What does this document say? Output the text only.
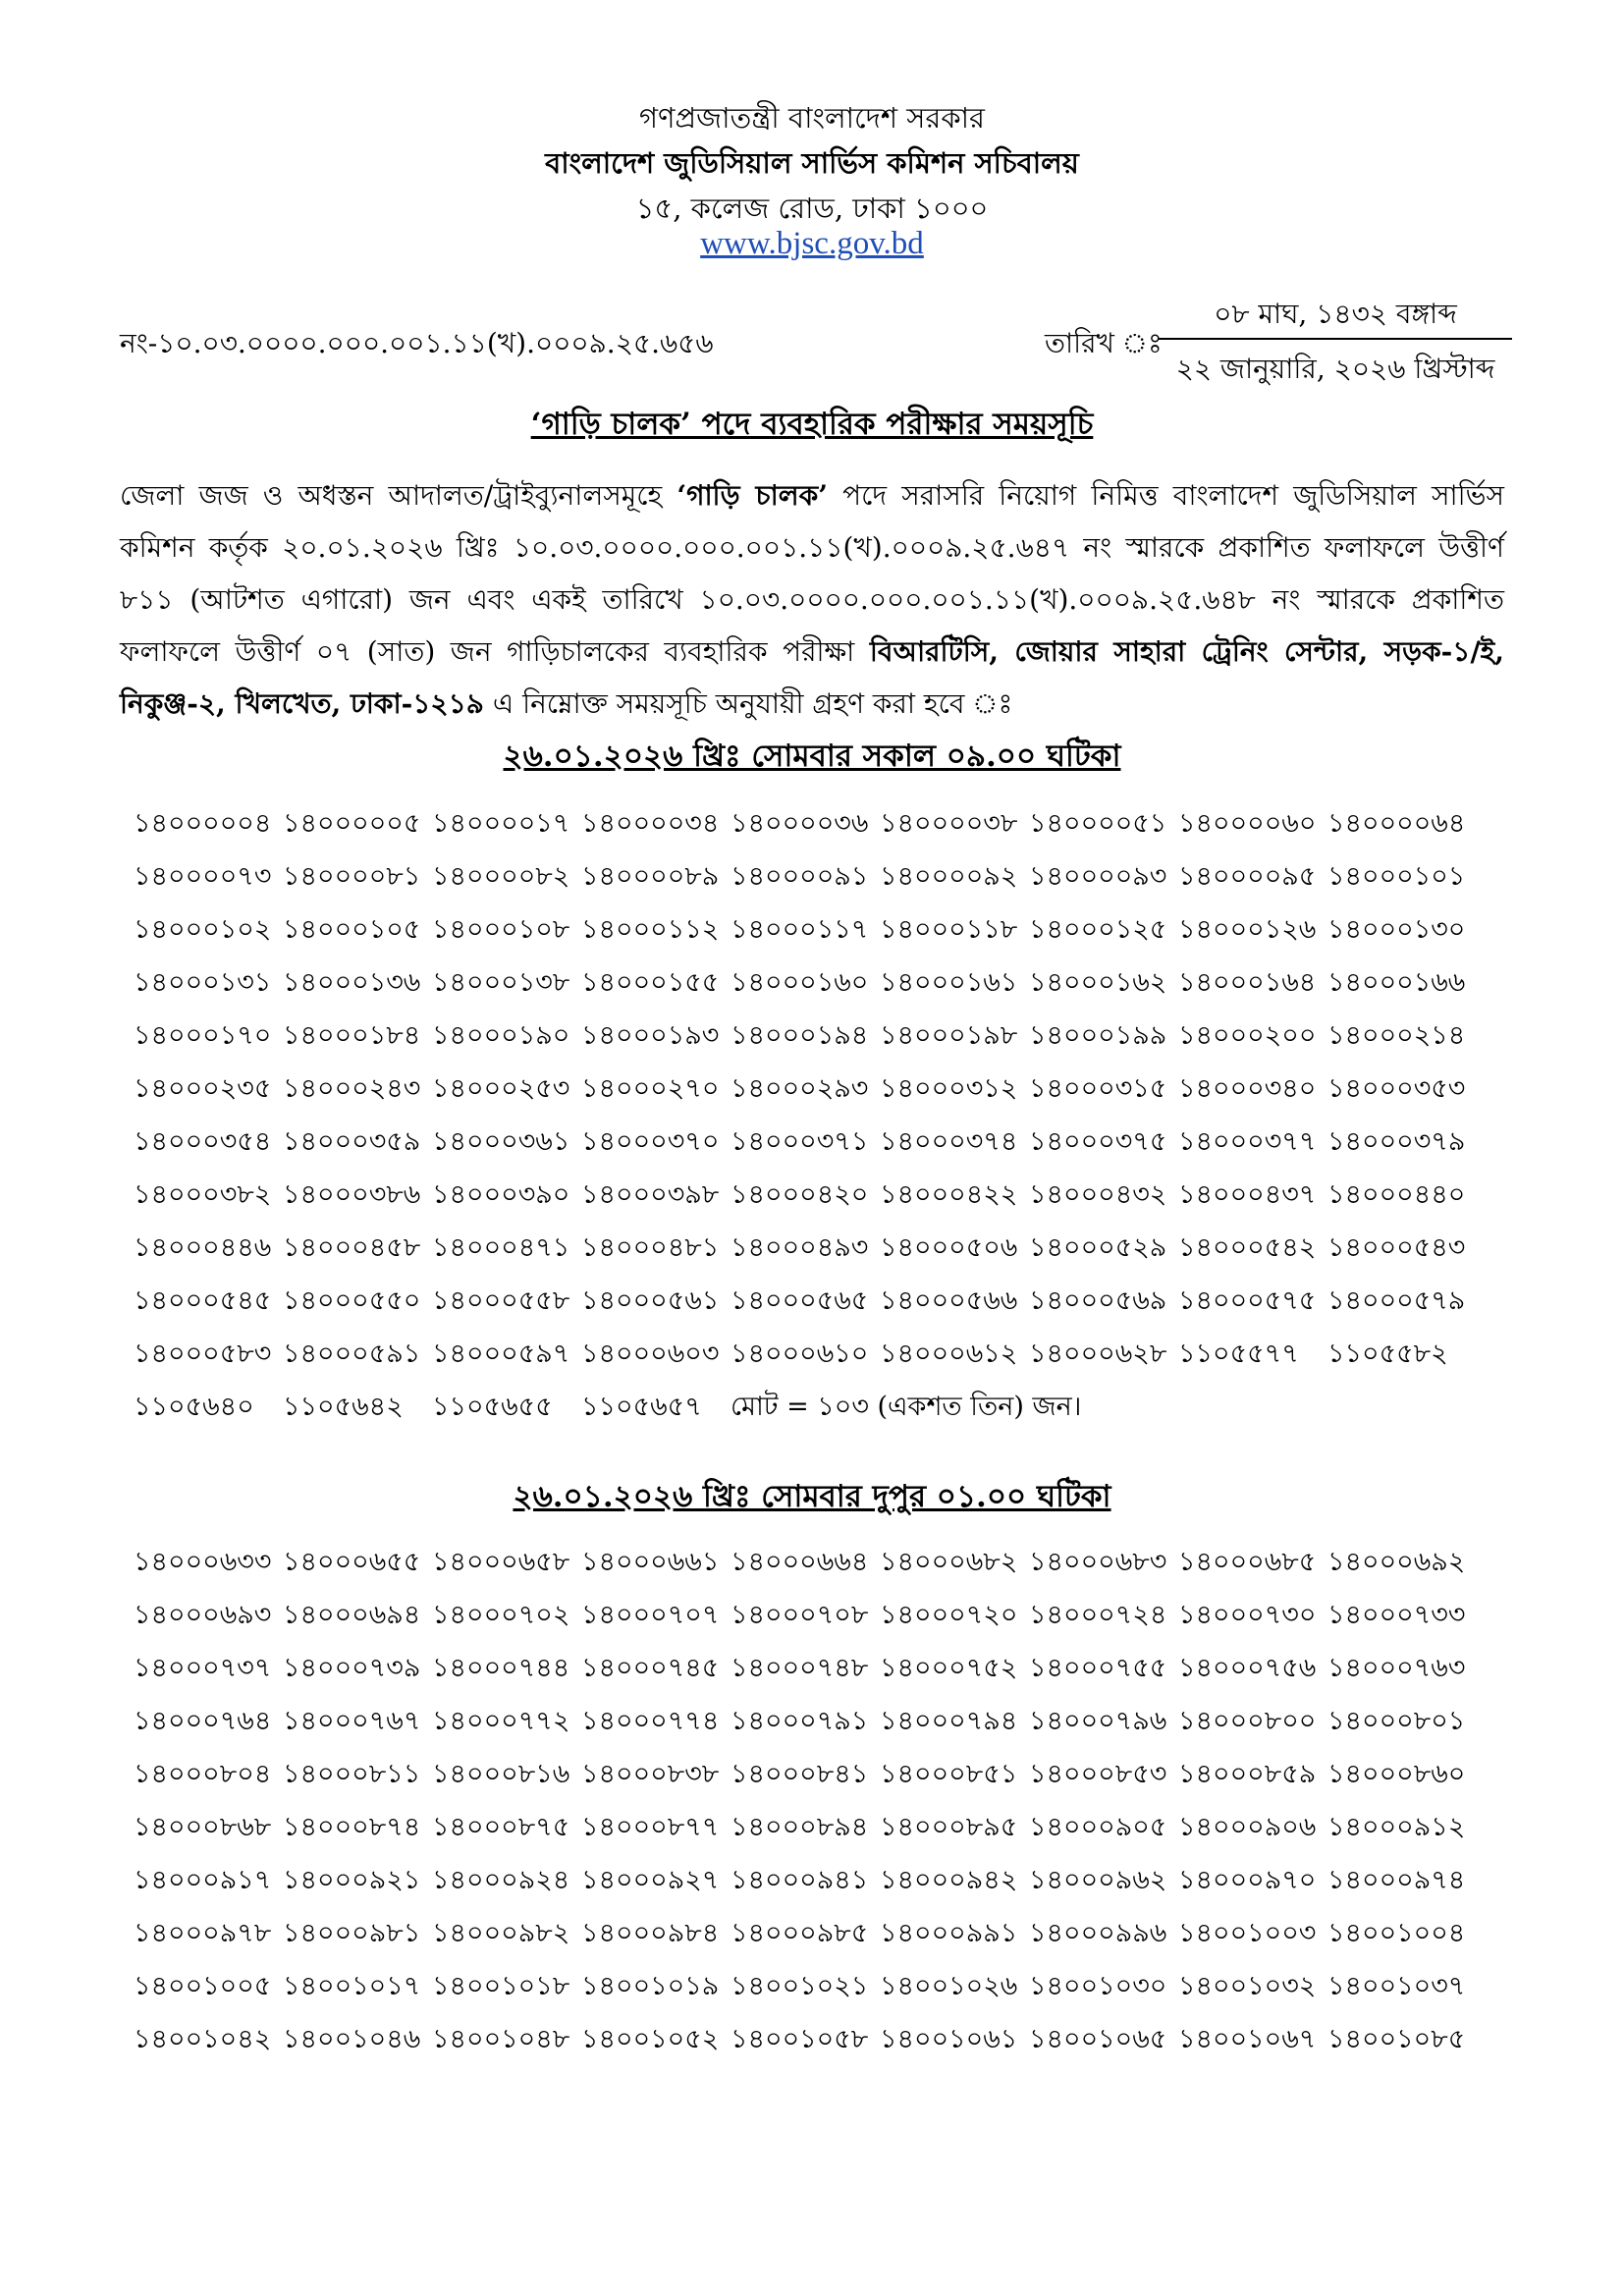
গণপ্রজাতন্ত্রী বাংলাদেশ সরকার
বাংলাদেশ জুডিসিয়াল সার্ভিস কমিশন সচিবালয়
১৫, কলেজ রোড, ঢাকা ১০০০
www.bjsc.gov.bd
নং-১০.০৩.০০০০.০০০.০০১.১১(খ).০০০৯.২৫.৬৫৬	তারিখ ঃ
০৮ মাঘ, ১৪৩২ বঙ্গাব্দ
২২ জানুয়ারি, ২০২৬ খ্রিস্টাব্দ
‘গাড়ি চালক’ পদে ব্যবহারিক পরীক্ষার সময়সূচি
জেলা জজ ও অধস্তন আদালত/ট্রাইব্যুনালসমূহে ‘গাড়ি চালক’ পদে সরাসরি নিয়োগ নিমিত্ত বাংলাদেশ জুডিসিয়াল সার্ভিস কমিশন কর্তৃক ২০.০১.২০২৬ খ্রিঃ ১০.০৩.০০০০.০০০.০০১.১১(খ).০০০৯.২৫.৬৪৭ নং স্মারকে প্রকাশিত ফলাফলে উত্তীর্ণ ৮১১ (আটশত এগারো) জন এবং একই তারিখে ১০.০৩.০০০০.০০০.০০১.১১(খ).০০০৯.২৫.৬৪৮ নং স্মারকে প্রকাশিত ফলাফলে উত্তীর্ণ ০৭ (সাত) জন গাড়িচালকের ব্যবহারিক পরীক্ষা বিআরটিসি, জোয়ার সাহারা ট্রেনিং সেন্টার, সড়ক-১/ই, নিকুঞ্জ-২, খিলখেত, ঢাকা-১২১৯ এ নিম্নোক্ত সময়সূচি অনুযায়ী গ্রহণ করা হবে ঃ
২৬.০১.২০২৬ খ্রিঃ সোমবার সকাল ০৯.০০ ঘটিকা
১৪০০০০০৪ ১৪০০০০০৫ ১৪০০০০১৭ ১৪০০০০৩৪ ১৪০০০০৩৬ ১৪০০০০৩৮ ১৪০০০০৫১ ১৪০০০০৬০ ১৪০০০০৬৪
১৪০০০০৭৩ ১৪০০০০৮১ ১৪০০০০৮২ ১৪০০০০৮৯ ১৪০০০০৯১ ১৪০০০০৯২ ১৪০০০০৯৩ ১৪০০০০৯৫ ১৪০০০১০১
১৪০০০১০২ ১৪০০০১০৫ ১৪০০০১০৮ ১৪০০০১১২ ১৪০০০১১৭ ১৪০০০১১৮ ১৪০০০১২৫ ১৪০০০১২৬ ১৪০০০১৩০
১৪০০০১৩১ ১৪০০০১৩৬ ১৪০০০১৩৮ ১৪০০০১৫৫ ১৪০০০১৬০ ১৪০০০১৬১ ১৪০০০১৬২ ১৪০০০১৬৪ ১৪০০০১৬৬
১৪০০০১৭০ ১৪০০০১৮৪ ১৪০০০১৯০ ১৪০০০১৯৩ ১৪০০০১৯৪ ১৪০০০১৯৮ ১৪০০০১৯৯ ১৪০০০২০০ ১৪০০০২১৪
১৪০০০২৩৫ ১৪০০০২৪৩ ১৪০০০২৫৩ ১৪০০০২৭০ ১৪০০০২৯৩ ১৪০০০৩১২ ১৪০০০৩১৫ ১৪০০০৩৪০ ১৪০০০৩৫৩
১৪০০০৩৫৪ ১৪০০০৩৫৯ ১৪০০০৩৬১ ১৪০০০৩৭০ ১৪০০০৩৭১ ১৪০০০৩৭৪ ১৪০০০৩৭৫ ১৪০০০৩৭৭ ১৪০০০৩৭৯
১৪০০০৩৮২ ১৪০০০৩৮৬ ১৪০০০৩৯০ ১৪০০০৩৯৮ ১৪০০০৪২০ ১৪০০০৪২২ ১৪০০০৪৩২ ১৪০০০৪৩৭ ১৪০০০৪৪০
১৪০০০৪৪৬ ১৪০০০৪৫৮ ১৪০০০৪৭১ ১৪০০০৪৮১ ১৪০০০৪৯৩ ১৪০০০৫০৬ ১৪০০০৫২৯ ১৪০০০৫৪২ ১৪০০০৫৪৩
১৪০০০৫৪৫ ১৪০০০৫৫০ ১৪০০০৫৫৮ ১৪০০০৫৬১ ১৪০০০৫৬৫ ১৪০০০৫৬৬ ১৪০০০৫৬৯ ১৪০০০৫৭৫ ১৪০০০৫৭৯
১৪০০০৫৮৩ ১৪০০০৫৯১ ১৪০০০৫৯৭ ১৪০০০৬০৩ ১৪০০০৬১০ ১৪০০০৬১২ ১৪০০০৬২৮ ১১০৫৫৭৭ ১১০৫৫৮২
১১০৫৬৪০ ১১০৫৬৪২ ১১০৫৬৫৫ ১১০৫৬৫৭ মোট = ১০৩ (একশত তিন) জন।
২৬.০১.২০২৬ খ্রিঃ সোমবার দুপুর ০১.০০ ঘটিকা
১৪০০০৬৩৩ ১৪০০০৬৫৫ ১৪০০০৬৫৮ ১৪০০০৬৬১ ১৪০০০৬৬৪ ১৪০০০৬৮২ ১৪০০০৬৮৩ ১৪০০০৬৮৫ ১৪০০০৬৯২
১৪০০০৬৯৩ ১৪০০০৬৯৪ ১৪০০০৭০২ ১৪০০০৭০৭ ১৪০০০৭০৮ ১৪০০০৭২০ ১৪০০০৭২৪ ১৪০০০৭৩০ ১৪০০০৭৩৩
১৪০০০৭৩৭ ১৪০০০৭৩৯ ১৪০০০৭৪৪ ১৪০০০৭৪৫ ১৪০০০৭৪৮ ১৪০০০৭৫২ ১৪০০০৭৫৫ ১৪০০০৭৫৬ ১৪০০০৭৬৩
১৪০০০৭৬৪ ১৪০০০৭৬৭ ১৪০০০৭৭২ ১৪০০০৭৭৪ ১৪০০০৭৯১ ১৪০০০৭৯৪ ১৪০০০৭৯৬ ১৪০০০৮০০ ১৪০০০৮০১
১৪০০০৮০৪ ১৪০০০৮১১ ১৪০০০৮১৬ ১৪০০০৮৩৮ ১৪০০০৮৪১ ১৪০০০৮৫১ ১৪০০০৮৫৩ ১৪০০০৮৫৯ ১৪০০০৮৬০
১৪০০০৮৬৮ ১৪০০০৮৭৪ ১৪০০০৮৭৫ ১৪০০০৮৭৭ ১৪০০০৮৯৪ ১৪০০০৮৯৫ ১৪০০০৯০৫ ১৪০০০৯০৬ ১৪০০০৯১২
১৪০০০৯১৭ ১৪০০০৯২১ ১৪০০০৯২৪ ১৪০০০৯২৭ ১৪০০০৯৪১ ১৪০০০৯৪২ ১৪০০০৯৬২ ১৪০০০৯৭০ ১৪০০০৯৭৪
১৪০০০৯৭৮ ১৪০০০৯৮১ ১৪০০০৯৮২ ১৪০০০৯৮৪ ১৪০০০৯৮৫ ১৪০০০৯৯১ ১৪০০০৯৯৬ ১৪০০১০০৩ ১৪০০১০০৪
১৪০০১০০৫ ১৪০০১০১৭ ১৪০০১০১৮ ১৪০০১০১৯ ১৪০০১০২১ ১৪০০১০২৬ ১৪০০১০৩০ ১৪০০১০৩২ ১৪০০১০৩৭
১৪০০১০৪২ ১৪০০১০৪৬ ১৪০০১০৪৮ ১৪০০১০৫২ ১৪০০১০৫৮ ১৪০০১০৬১ ১৪০০১০৬৫ ১৪০০১০৬৭ ১৪০০১০৮৫
